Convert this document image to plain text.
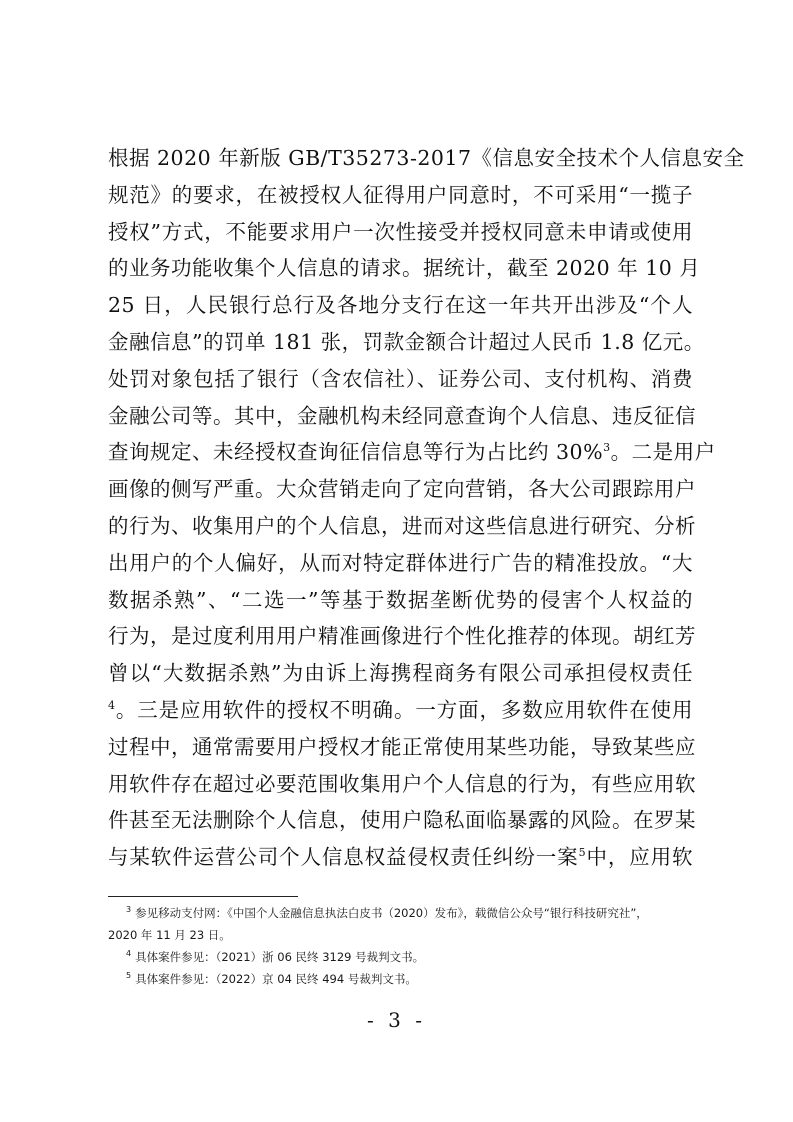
根据 2020 年新版 GB/T35273-2017《信息安全技术个人信息安全
规范》的要求，在被授权人征得用户同意时，不可采用“一揽子
授权”方式，不能要求用户一次性接受并授权同意未申请或使用
的业务功能收集个人信息的请求。据统计，截至 2020 年 10 月
25 日，人民银行总行及各地分支行在这一年共开出涉及“个人
金融信息”的罚单 181 张，罚款金额合计超过人民币 1.8 亿元。
处罚对象包括了银行（含农信社）、证券公司、支付机构、消费
金融公司等。其中，金融机构未经同意查询个人信息、违反征信
查询规定、未经授权查询征信信息等行为占比约 30%$^3$。二是用户
画像的侧写严重。大众营销走向了定向营销，各大公司跟踪用户
的行为、收集用户的个人信息，进而对这些信息进行研究、分析
出用户的个人偏好，从而对特定群体进行广告的精准投放。“大
数据杀熟”、“二选一”等基于数据垄断优势的侵害个人权益的
行为，是过度利用用户精准画像进行个性化推荐的体现。胡红芳
曾以“大数据杀熟”为由诉上海携程商务有限公司承担侵权责任
$^4$。三是应用软件的授权不明确。一方面，多数应用软件在使用
过程中，通常需要用户授权才能正常使用某些功能，导致某些应
用软件存在超过必要范围收集用户个人信息的行为，有些应用软
件甚至无法删除个人信息，使用户隐私面临暴露的风险。在罗某
与某软件运营公司个人信息权益侵权责任纠纷一案$^5$中，应用软
$^3$ 参见移动支付网：《中国个人金融信息执法白皮书（2020）发布》，载微信公众号“银行科技研究社”，
2020 年 11 月 23 日。
$^4$ 具体案件参见：（2021）浙 06 民终 3129 号裁判文书。
$^5$ 具体案件参见：（2022）京 04 民终 494 号裁判文书。
- 3 -
